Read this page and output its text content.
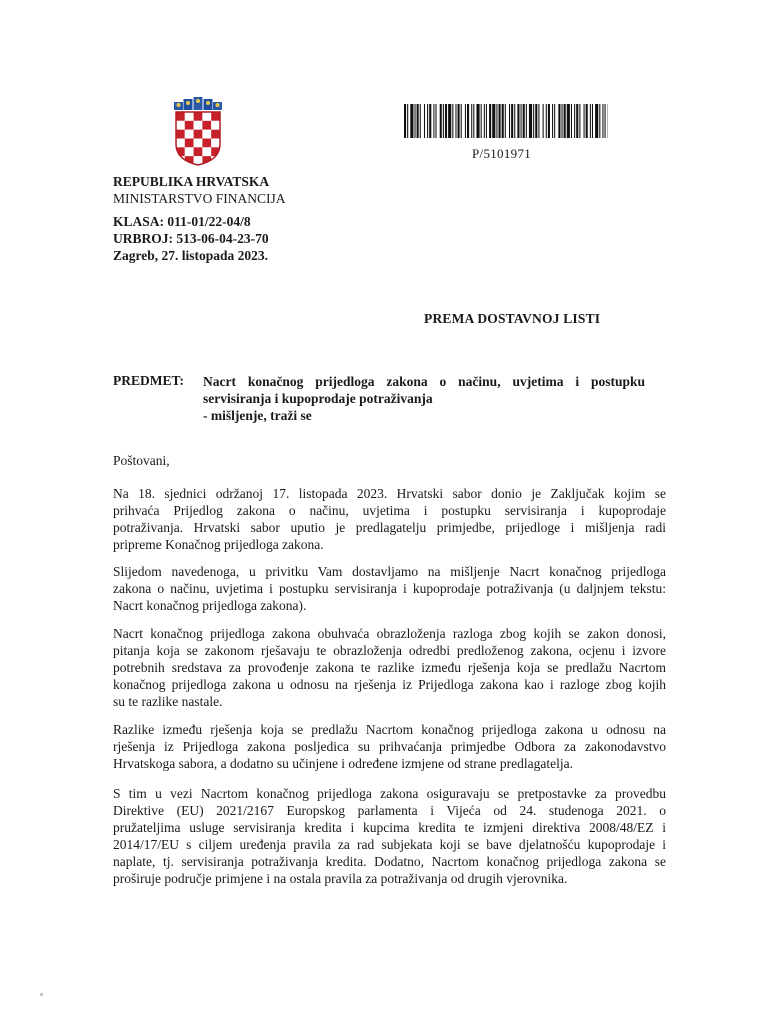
P/5101971
REPUBLIKA HRVATSKA
MINISTARSTVO FINANCIJA
KLASA: 011-01/22-04/8
URBROJ: 513-06-04-23-70
Zagreb, 27. listopada 2023.
PREMA DOSTAVNOJ LISTI
PREDMET: Nacrt konačnog prijedloga zakona o načinu, uvjetima i postupku
servisiranja i kupoprodaje potraživanja
- mišljenje, traži se
Poštovani,
Na 18. sjednici održanoj 17. listopada 2023. Hrvatski sabor donio je Zaključak kojim se
prihvaća Prijedlog zakona o načinu, uvjetima i postupku servisiranja i kupoprodaje
potraživanja. Hrvatski sabor uputio je predlagatelju primjedbe, prijedloge i mišljenja radi
pripreme Konačnog prijedloga zakona.
Slijedom navedenoga, u privitku Vam dostavljamo na mišljenje Nacrt konačnog prijedloga
zakona o načinu, uvjetima i postupku servisiranja i kupoprodaje potraživanja (u daljnjem tekstu:
Nacrt konačnog prijedloga zakona).
Nacrt konačnog prijedloga zakona obuhvaća obrazloženja razloga zbog kojih se zakon donosi,
pitanja koja se zakonom rješavaju te obrazloženja odredbi predloženog zakona, ocjenu i izvore
potrebnih sredstava za provođenje zakona te razlike između rješenja koja se predlažu Nacrtom
konačnog prijedloga zakona u odnosu na rješenja iz Prijedloga zakona kao i razloge zbog kojih
su te razlike nastale.
Razlike između rješenja koja se predlažu Nacrtom konačnog prijedloga zakona u odnosu na
rješenja iz Prijedloga zakona posljedica su prihvaćanja primjedbe Odbora za zakonodavstvo
Hrvatskoga sabora, a dodatno su učinjene i određene izmjene od strane predlagatelja.
S tim u vezi Nacrtom konačnog prijedloga zakona osiguravaju se pretpostavke za provedbu
Direktive (EU) 2021/2167 Europskog parlamenta i Vijeća od 24. studenoga 2021. o
pružateljima usluge servisiranja kredita i kupcima kredita te izmjeni direktiva 2008/48/EZ i
2014/17/EU s ciljem uređenja pravila za rad subjekata koji se bave djelatnošću kupoprodaje i
naplate, tj. servisiranja potraživanja kredita. Dodatno, Nacrtom konačnog prijedloga zakona se
proširuje područje primjene i na ostala pravila za potraživanja od drugih vjerovnika.
